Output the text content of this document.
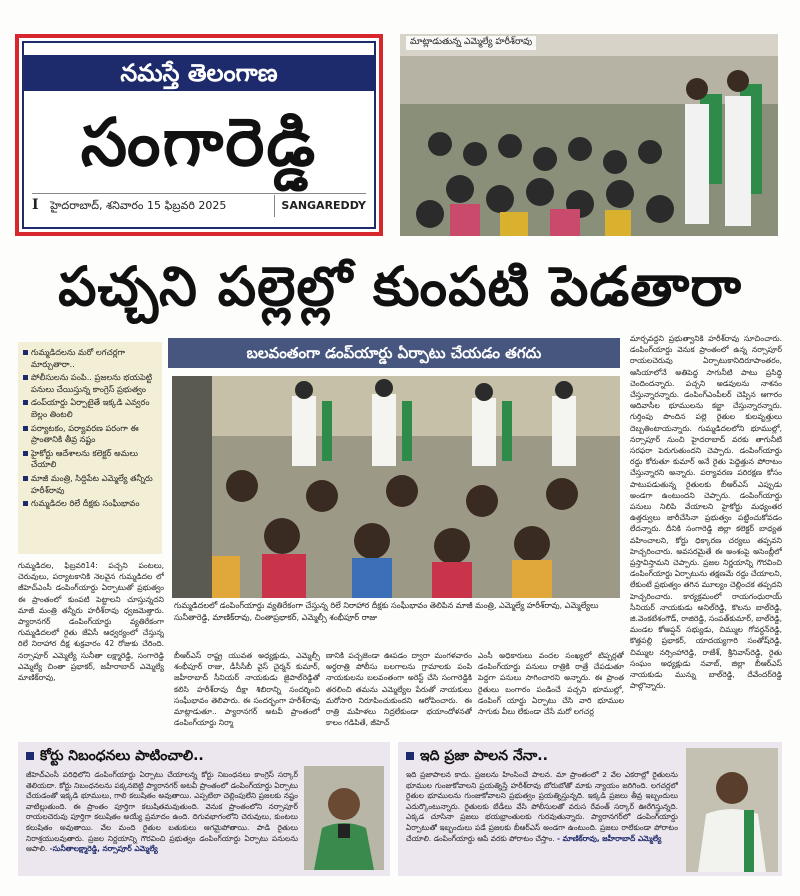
నమస్తే తెలంగాణ
సంగారెడ్డి
I హైదరాబాద్, శనివారం 15 ఫిబ్రవరి 2025	SANGAREDDY
మాట్లాడుతున్న ఎమ్మెల్యే హరీశ్‌రావు
పచ్చని పల్లెల్లో కుంపటి పెడతారా
గుమ్మడిదలను మరో లగచర్లగా మార్చుతారా..
పోలీసులను పంపి.. ప్రజలను భయపెట్టి పనులు చేయిస్తున్న కాంగ్రెస్ ప్రభుత్వం
డంప్‌యార్డు ఏర్పాటైతే ఇక్కడి ఎవ్వరం బెల్లం తింటలి
పర్యాటకం, పర్యావరణ పరంగా ఈ ప్రాంతానికి తీవ్ర నష్టం
హైకోర్టు ఆదేశాలను కలెక్టర్ అమలు చేయాలి
మాజీ మంత్రి, సిద్దిపేట ఎమ్మెల్యే తన్నీరు హరీశ్‌రావు
గుమ్మడిదల రిలే దీక్షకు సంఘీభావం
బలవంతంగా డంప్‌యార్డు ఏర్పాటు చేయడం తగదు
గుమ్మడిదలలో డంపింగ్‌యార్డు వ్యతిరేకంగా చేస్తున్న రిలే నిరాహార దీక్షకు సంఘీభావం తెలిపిన మాజీ మంత్రి, ఎమ్మెల్యే హరీశ్‌రావు, ఎమ్మెల్యేలు సునీతారెడ్డి, మాణిక్‌రావు, చింతాప్రభాకర్, ఎమ్మెల్సీ శంభీపూర్ రాజు
గుమ్మడిదల, ఫిబ్రవరి14: పచ్చని పంటలు, చెరువులు, పర్యాటకానికి నెలవైన గుమ్మడిదల లో జీహెచ్‌ఎంసీ డంపింగ్‌యార్డు ఏర్పాటుతో ప్రభుత్వం ఈ ప్రాంతంలో కుంపటి పెట్టాలని చూస్తున్నదని మాజీ మంత్రి తన్నీరు హరీశ్‌రావు ధ్వజమెత్తారు. ప్యారానగర్ డంపింగ్‌యార్డు వ్యతిరేకంగా గుమ్మడిదలలో రైతు జేఏసీ ఆధ్వర్యంలో చేస్తున్న రిలే నిరాహార దీక్ష శుక్రవారం 42 రోజుకు చేరింది. నర్సాపూర్ ఎమ్మెల్యే సునీతా లక్ష్మారెడ్డి, సంగారెడ్డి ఎమ్మెల్యే చింతా ప్రభాకర్, జహీరాబాద్ ఎమ్మెల్యే మాణిక్‌రావు,
బీఆర్‌ఎస్ రాష్ట్ర యువత అధ్యక్షుడు, ఎమ్మెల్సీ శంభీపూర్ రాజు, డీసీసీబీ వైస్ చైర్మన్ కుమార్, జహీరాబాద్ సీనియర్ నాయకుడు జైపాల్‌రెడ్డితో కలిసి హరీశ్‌రావు దీక్షా శిబిరాన్ని సందర్శించి సంఘీభావం తెలిపారు. ఈ సందర్భంగా హరీశ్‌రావు మాట్లాడుతూ.. ప్యారానగర్ అటవీ ప్రాంతంలో డంపింగ్‌యార్డు నిర్మా
ణానికి పచ్చజెండా ఊపడం ద్వారా మంగళవారం అర్ధరాత్రి పోలీసు బలగాలను గ్రామాలకు పంపి నాయకులను బలవంతంగా అరెస్ట్ చేసి సంగారెడ్డికి తరలించి తమను ఎమ్మెల్యేల పేరుతో నాయకులు మరోసారి నిరూపించుకుందని ఆరోపించారు. ఈ రాత్రి మహిళలు నిద్రలేకుండా భయాందోళనతో కాలం గడిపితే, జీహెచ్
ఎంసీ అధికారులు వందల సంఖ్యలో టిప్పర్లతో డంపింగ్‌యార్డు పనులు రాత్రికి రాత్రే చేపడుతూ పెద్దగా పనులు సాగించారని అన్నారు. ఈ ప్రాంత రైతులు బంగారం పండించే పచ్చని భూముల్లో, డంపింగ్ యార్డు ఏర్పాటు చేసి వారి భూముల సాగుకు వీలు లేకుండా చేసే మరో లగచర్ల
మార్చవద్దని ప్రభుత్వానికి హరీశ్‌రావు సూచించారు. డంపింగ్‌యార్డు వెనుక ప్రాంతంలో ఉన్న నర్సాపూర్ రాయలచెరువు ఏర్పాటుకానిదిరూపాంతరం, ఆసియాలోనే అతిపెద్ద సాగునీటి పాటు ప్రసిద్ధి చెందిందన్నారు. పచ్చని అడవులను నాశనం చేస్తున్నారన్నారు. డంపింగ్‌ఎంపీలర్‌ చెప్పిన ఆగారం ఆదివాసీల భూములను కబ్జా చేస్తున్నారన్నారు. గుర్తింపు పొందిన పల్లె రైతుల కులవృత్తులు దెబ్బతింటాయన్నారు. గుమ్మడిదలలోని భూముల్లో, నర్సాపూర్ నుంచి హైదరాబాద్ వరకు తాగునీటి సరఫరా పెరుగుతుందని చెప్పారు. డంపింగ్‌యార్డు రద్దు కోరుతూ కుమార్ అనే రైతు పెద్దెత్తున పోరాటం చేస్తున్నారని అన్నారు. పర్యావరణ పరిరక్షణ కోసం పాటుపడుతున్న రైతులకు బీఆర్‌ఎస్ ఎప్పుడు అండగా ఉంటుందని చెప్పారు. డంపింగ్‌యార్డు పనులు నిలిపి వేయాలని హైకోర్టు మధ్యంతర ఉత్తర్వులు జారీచేసినా ప్రభుత్వం పట్టించుకోవడం లేదన్నారు. దీనికి సంగారెడ్డి జిల్లా కలెక్టర్ బాధ్యత వహించాలని, కోర్టు ధిక్కారణ చర్యలు తప్పవని హెచ్చరించారు. అవసరమైతే ఈ అంశంపై అసెంబ్లీలో ప్రస్తావిస్తామని చెప్పారు. ప్రజల నిర్ణయాన్ని గౌరవించి డంపింగ్‌యార్డు ఏర్పాటును తక్షణమే రద్దు చేయాలని, లేకుంటే ప్రభుత్వం తగిన మూల్యం చెల్లించక తప్పదని హెచ్చరించారు. కార్యక్రమంలో రాయగంధురాయ్ సీనియర్ నాయకుడు అనిల్‌రెడ్డి, కొలను బాల్‌రెడ్డి, జి.వెంకటేశంగౌడ్, రాజిరెడ్డి, సంపత్‌కుమార్, బాల్‌రెడ్డి, మండల కోఆప్షన్ సభ్యుడు, చిమ్ముల గోవర్ధన్‌రెడ్డి, కొత్తపల్లి ప్రభాకర్, యాదయ్యగారి సంతోష్‌రెడ్డి, చిమ్ముల నర్సింహారెడ్డి, రాజేశ్, శ్రీనివాస్‌రెడ్డి, రైతు సంఘం అధ్యక్షుడు నవాబ్, జిల్లా బీఆర్‌ఎస్ నాయకుడు మున్ను బాల్‌రెడ్డి, దేవేందర్‌రెడ్డి పాల్గొన్నారు.
కోర్టు నిబంధనలు పాటించాలి..
జీహెచ్‌ఎంసీ పరిధిలోని డంపింగ్‌యార్డు ఏర్పాటు చేయాలన్న కోర్టు నిబంధనలు కాంగ్రెస్ సర్కార్ తెలియదా. కోర్టు నిబంధనలను పక్కనబెట్టి ప్యారానగర్ అటవీ ప్రాంతంలో డంపింగ్‌యార్డు ఏర్పాటు చేయడంతో ఇక్కడి భూములు, గాలి కలుషితం అవుతాయి. ఎప్పటిలా చెల్లింపులేని ప్రజలకు నష్టం వాటిల్లుతుంది. ఈ ప్రాంతం పూర్తిగా కలుషితమవుతుంది. వెనుక ప్రాంతంలోని నర్సాపూర్ రాయలచెరువు పూర్తిగా కలుషితం అయ్యే ప్రమాదం ఉంది. దిగువభాగంలోని చెరువులు, కుంటలు కలుషితం అవుతాయి. వేల మంది రైతుల బతుకులు ఆగమైపోతాయి. పాడి రైతులు నిరాశ్రయులవుతారు. ప్రజల నిర్ణయాన్ని గౌరవించి ప్రభుత్వం డంపింగ్‌యార్డు ఏర్పాటు పనులను ఆపాలి. -సునీతాలక్ష్మారెడ్డి, నర్సాపూర్ ఎమ్మెల్యే
ఇది ప్రజా పాలన నేనా..
ఇది ప్రజాపాలన కాదు. ప్రజలను హింసించే పాలన. మా ప్రాంతంలో 2 వేల ఎకరాల్లో రైతులను భూముల గుంజుకోవాలని ప్రయత్నిస్తే హరీశ్‌రావు బోరుబోతో మాకు న్యాయం జరిగింది. లగచర్లలో రైతుల భూములను గుంజుకోవాలని ప్రభుత్వం ప్రయత్నిస్తున్నది. ఇక్కడి ప్రజలు తీవ్ర ఇబ్బందులు ఎదుర్కొంటున్నారు. రైతులకు బేడీలు వేసి పోలీసులతో వరుస రేవంత్ సర్కార్ ఊరేగిస్తున్నది. ఎక్కడ చూసినా ప్రజలు భయభ్రాంతులకు గురవుతున్నారు. ప్యారానగర్‌లో డంపింగ్‌యార్డు ఏర్పాటుతో ఇబ్బందులు పడే ప్రజలకు బీఆర్‌ఎస్ అండగా ఉంటుంది. ప్రజలు రాలేకుండా పోరాటం చేయాలి. డంపింగ్‌యార్డు ఆపే వరకు పోరాటం చేస్తాం. - మాణిక్‌రావు, జహీరాబాద్ ఎమ్మెల్యే
